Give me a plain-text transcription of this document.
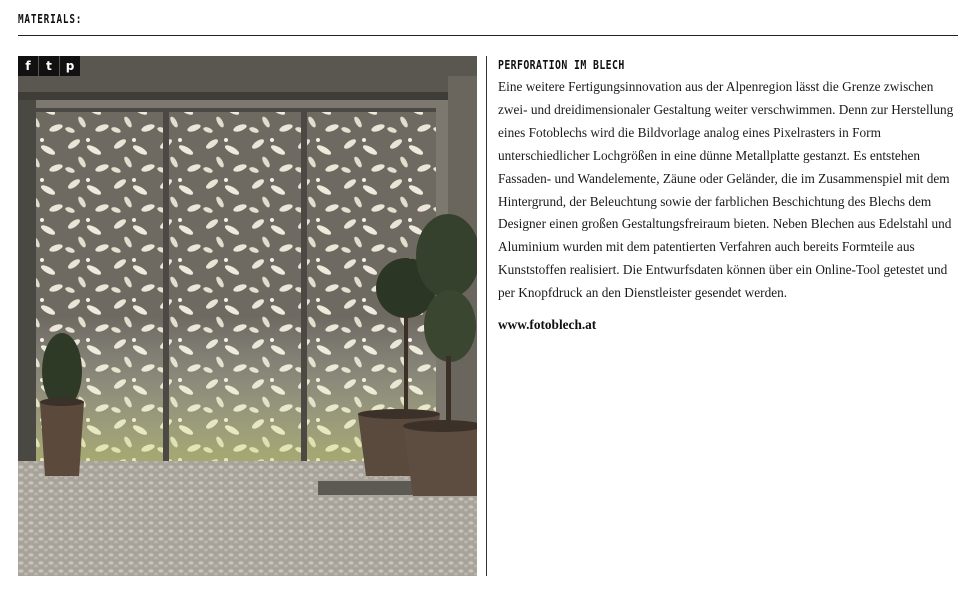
MATERIALS:
f t p	PERFORATION IM BLECH

Eine weitere Fertigungsinnovation aus der Alpenregion lässt die Grenze zwischen zwei- und dreidimensionaler Gestaltung weiter verschwimmen. Denn zur Herstellung eines Fotoblechs wird die Bildvorlage analog eines Pixelrasters in Form unterschiedlicher Lochgrößen in eine dünne Metallplatte gestanzt. Es entstehen Fassaden- und Wandelemente, Zäune oder Geländer, die im Zusammenspiel mit dem Hintergrund, der Beleuchtung sowie der farblichen Beschichtung des Blechs dem Designer einen großen Gestaltungsfreiraum bieten. Neben Blechen aus Edelstahl und Aluminium wurden mit dem patentierten Verfahren auch bereits Formteile aus Kunststoffen realisiert. Die Entwurfsdaten können über ein Online-Tool getestet und per Knopfdruck an den Dienstleister gesendet werden.

www.fotoblech.at
